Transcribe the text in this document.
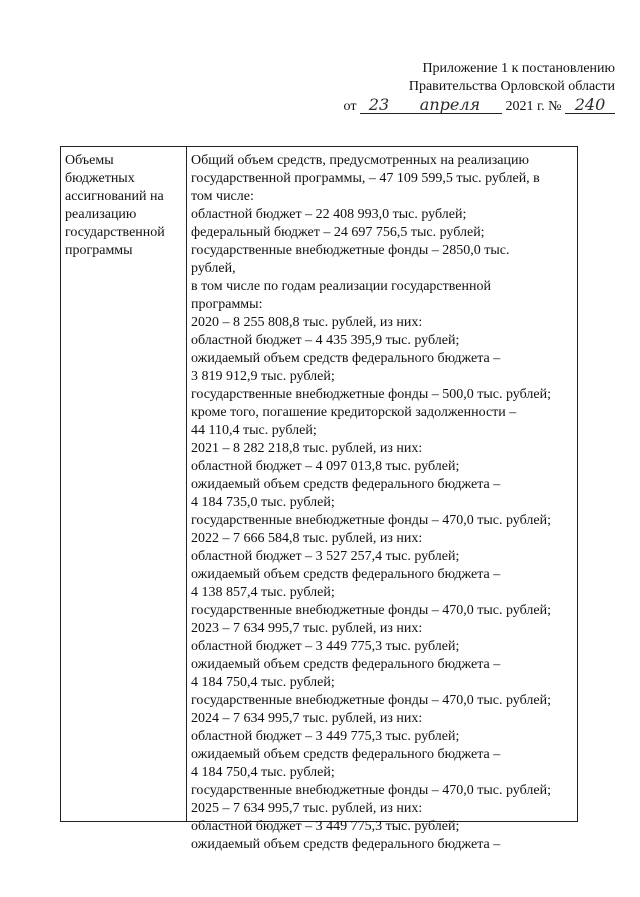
Приложение 1 к постановлению
Правительства Орловской области
от 23 апреля 2021 г. № 240
Объемы
бюджетных
ассигнований на
реализацию
государственной
программы
Общий объем средств, предусмотренных на реализацию
государственной программы, – 47 109 599,5 тыс. рублей, в
том числе:
областной бюджет – 22 408 993,0 тыс. рублей;
федеральный бюджет – 24 697 756,5 тыс. рублей;
государственные внебюджетные фонды – 2850,0 тыс.
рублей,
в том числе по годам реализации государственной
программы:
2020 – 8 255 808,8 тыс. рублей, из них:
областной бюджет – 4 435 395,9 тыс. рублей;
ожидаемый объем средств федерального бюджета –
3 819 912,9 тыс. рублей;
государственные внебюджетные фонды – 500,0 тыс. рублей;
кроме того, погашение кредиторской задолженности –
44 110,4 тыс. рублей;
2021 – 8 282 218,8 тыс. рублей, из них:
областной бюджет – 4 097 013,8 тыс. рублей;
ожидаемый объем средств федерального бюджета –
4 184 735,0 тыс. рублей;
государственные внебюджетные фонды – 470,0 тыс. рублей;
2022 – 7 666 584,8 тыс. рублей, из них:
областной бюджет – 3 527 257,4 тыс. рублей;
ожидаемый объем средств федерального бюджета –
4 138 857,4 тыс. рублей;
государственные внебюджетные фонды – 470,0 тыс. рублей;
2023 – 7 634 995,7 тыс. рублей, из них:
областной бюджет – 3 449 775,3 тыс. рублей;
ожидаемый объем средств федерального бюджета –
4 184 750,4 тыс. рублей;
государственные внебюджетные фонды – 470,0 тыс. рублей;
2024 – 7 634 995,7 тыс. рублей, из них:
областной бюджет – 3 449 775,3 тыс. рублей;
ожидаемый объем средств федерального бюджета –
4 184 750,4 тыс. рублей;
государственные внебюджетные фонды – 470,0 тыс. рублей;
2025 – 7 634 995,7 тыс. рублей, из них:
областной бюджет – 3 449 775,3 тыс. рублей;
ожидаемый объем средств федерального бюджета –
